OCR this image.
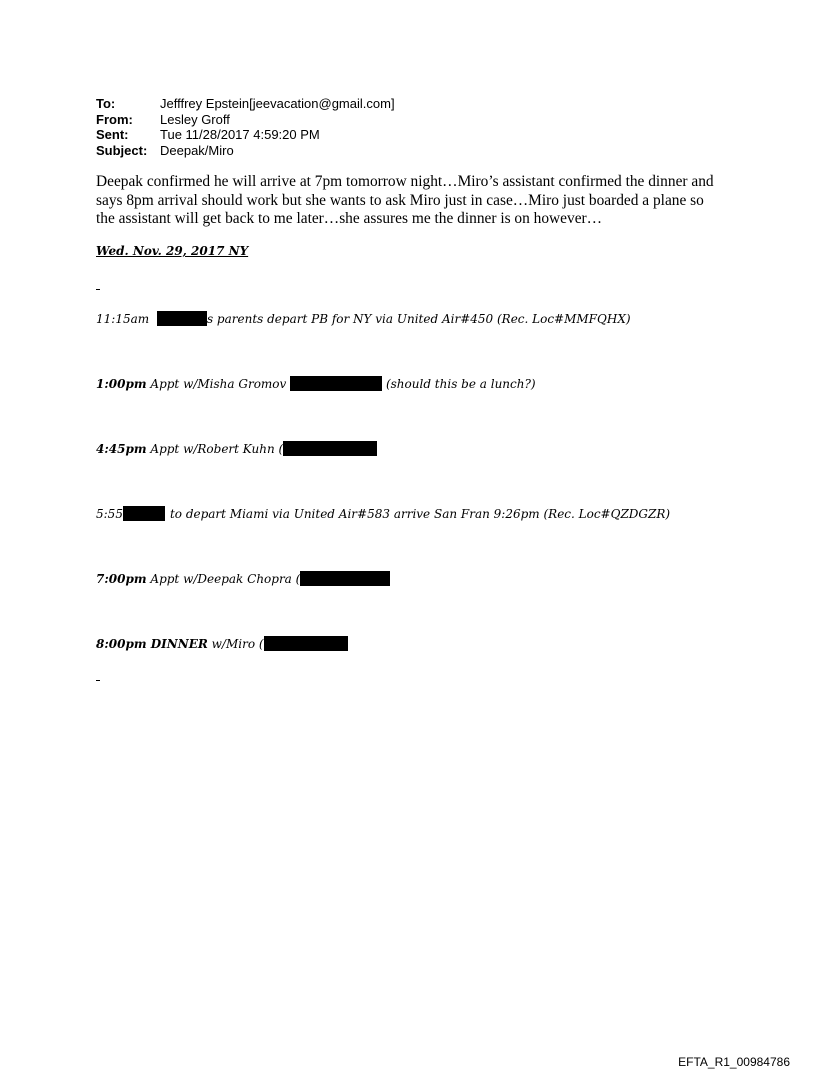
To:	Jefffrey Epstein[jeevacation@gmail.com]
From:	Lesley Groff
Sent:	Tue 11/28/2017 4:59:20 PM
Subject: Deepak/Miro
Deepak confirmed he will arrive at 7pm tomorrow night…Miro’s assistant confirmed the dinner and says 8pm arrival should work but she wants to ask Miro just in case…Miro just boarded a plane so the assistant will get back to me later…she assures me the dinner is on however…
Wed. Nov. 29, 2017 NY
11:15am	s parents depart PB for NY via United Air#450 (Rec. Loc#MMFQHX)
1:00pm Appt w/Misha Gromov	(should this be a lunch?)
4:45pm Appt w/Robert Kuhn (
5:55	to depart Miami via United Air#583 arrive San Fran 9:26pm (Rec. Loc#QZDGZR)
7:00pm Appt w/Deepak Chopra (
8:00pm DINNER w/Miro (
EFTA_R1_00984786
